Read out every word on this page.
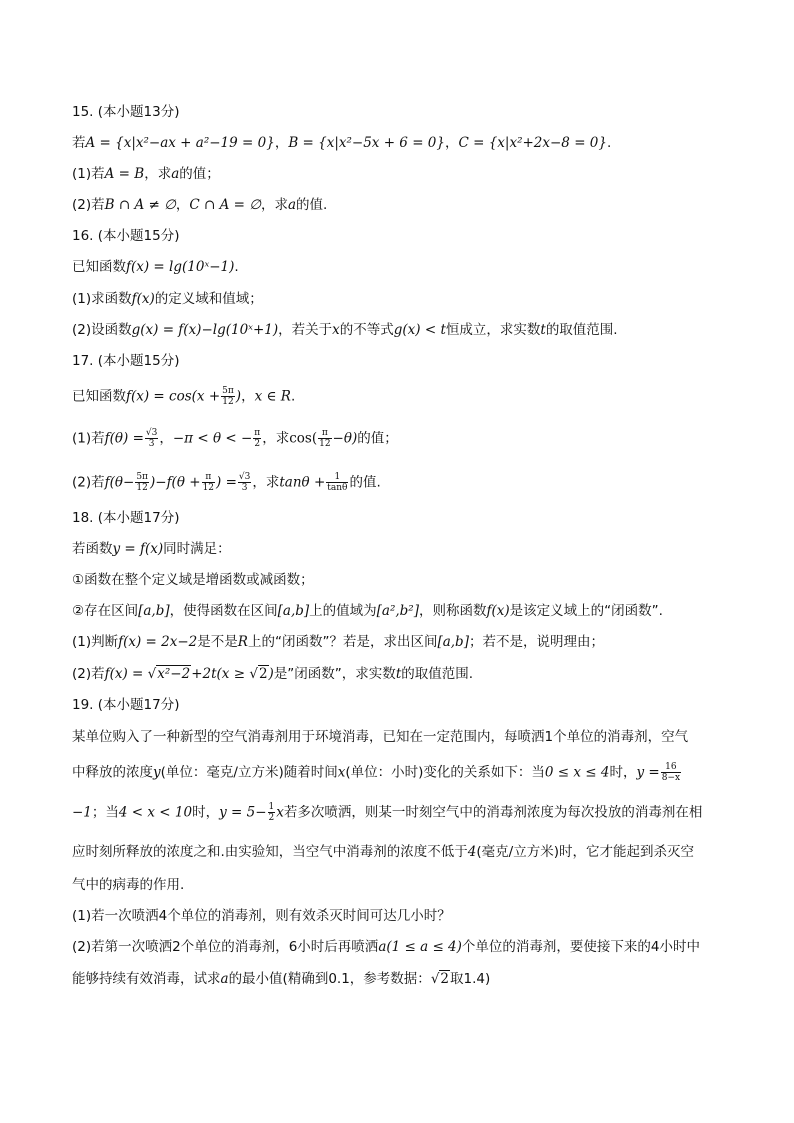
15. (本小题13分)
若A = {x|x²−ax + a²−19 = 0}，B = {x|x²−5x + 6 = 0}，C = {x|x²+2x−8 = 0}.
(1)若A = B，求a的值；
(2)若B ∩ A ≠ ∅，C ∩ A = ∅，求a的值.
16. (本小题15分)
已知函数f(x) = lg(10ˣ−1).
(1)求函数f(x)的定义域和值域；
(2)设函数g(x) = f(x)−lg(10ˣ+1)，若关于x的不等式g(x) < t恒成立，求实数t的取值范围.
17. (本小题15分)
已知函数$f(x) = \cos(x + \frac{5\pi}{12}$ )，x ∈ R.
(1)若$f(\theta) = \frac{√3}{3}$ ，−π < θ < − $\frac{\pi}{2}$ ，求$\cos( \frac{\pi}{12} -\theta)$的值；
(2)若$f(\theta- \frac{5\pi}{12} )-f(\theta + \frac{\pi}{12}$ ) = $\frac{√3}{3}$ ，求$\tan\theta + \frac{1}{\tan\theta}$ 的值.
18. (本小题17分)
若函数y = f(x)同时满足：
①函数在整个定义域是增函数或减函数；
②存在区间[a,b]，使得函数在区间[a,b]上的值域为[a²,b²]，则称函数f(x)是该定义域上的“闭函数”.
(1)判断f(x) = 2x−2是不是R上的“闭函数”？若是，求出区间[a,b]；若不是，说明理由；
(2)若f(x) = √x²−2+2t(x ≥ √2)是”闭函数”，求实数t的取值范围.
19. (本小题17分)
某单位购入了一种新型的空气消毒剂用于环境消毒，已知在一定范围内，每喷洒1个单位的消毒剂，空气
中释放的浓度y(单位：毫克/立方米)随着时间x(单位：小时)变化的关系如下：当0 ≤ x ≤ 4时，$y = \frac{16}{8-x}$
−1；当4 < x < 10时，$y = 5- \frac{1}{2}$ x若多次喷洒，则某一时刻空气中的消毒剂浓度为每次投放的消毒剂在相
应时刻所释放的浓度之和.由实验知，当空气中消毒剂的浓度不低于4(毫克/立方米)时，它才能起到杀灭空
气中的病毒的作用.
(1)若一次喷洒4个单位的消毒剂，则有效杀灭时间可达几小时？
(2)若第一次喷洒2个单位的消毒剂，6小时后再喷洒a(1 ≤ a ≤ 4)个单位的消毒剂，要使接下来的4小时中
能够持续有效消毒，试求a的最小值(精确到0.1，参考数据：√2取1.4)
